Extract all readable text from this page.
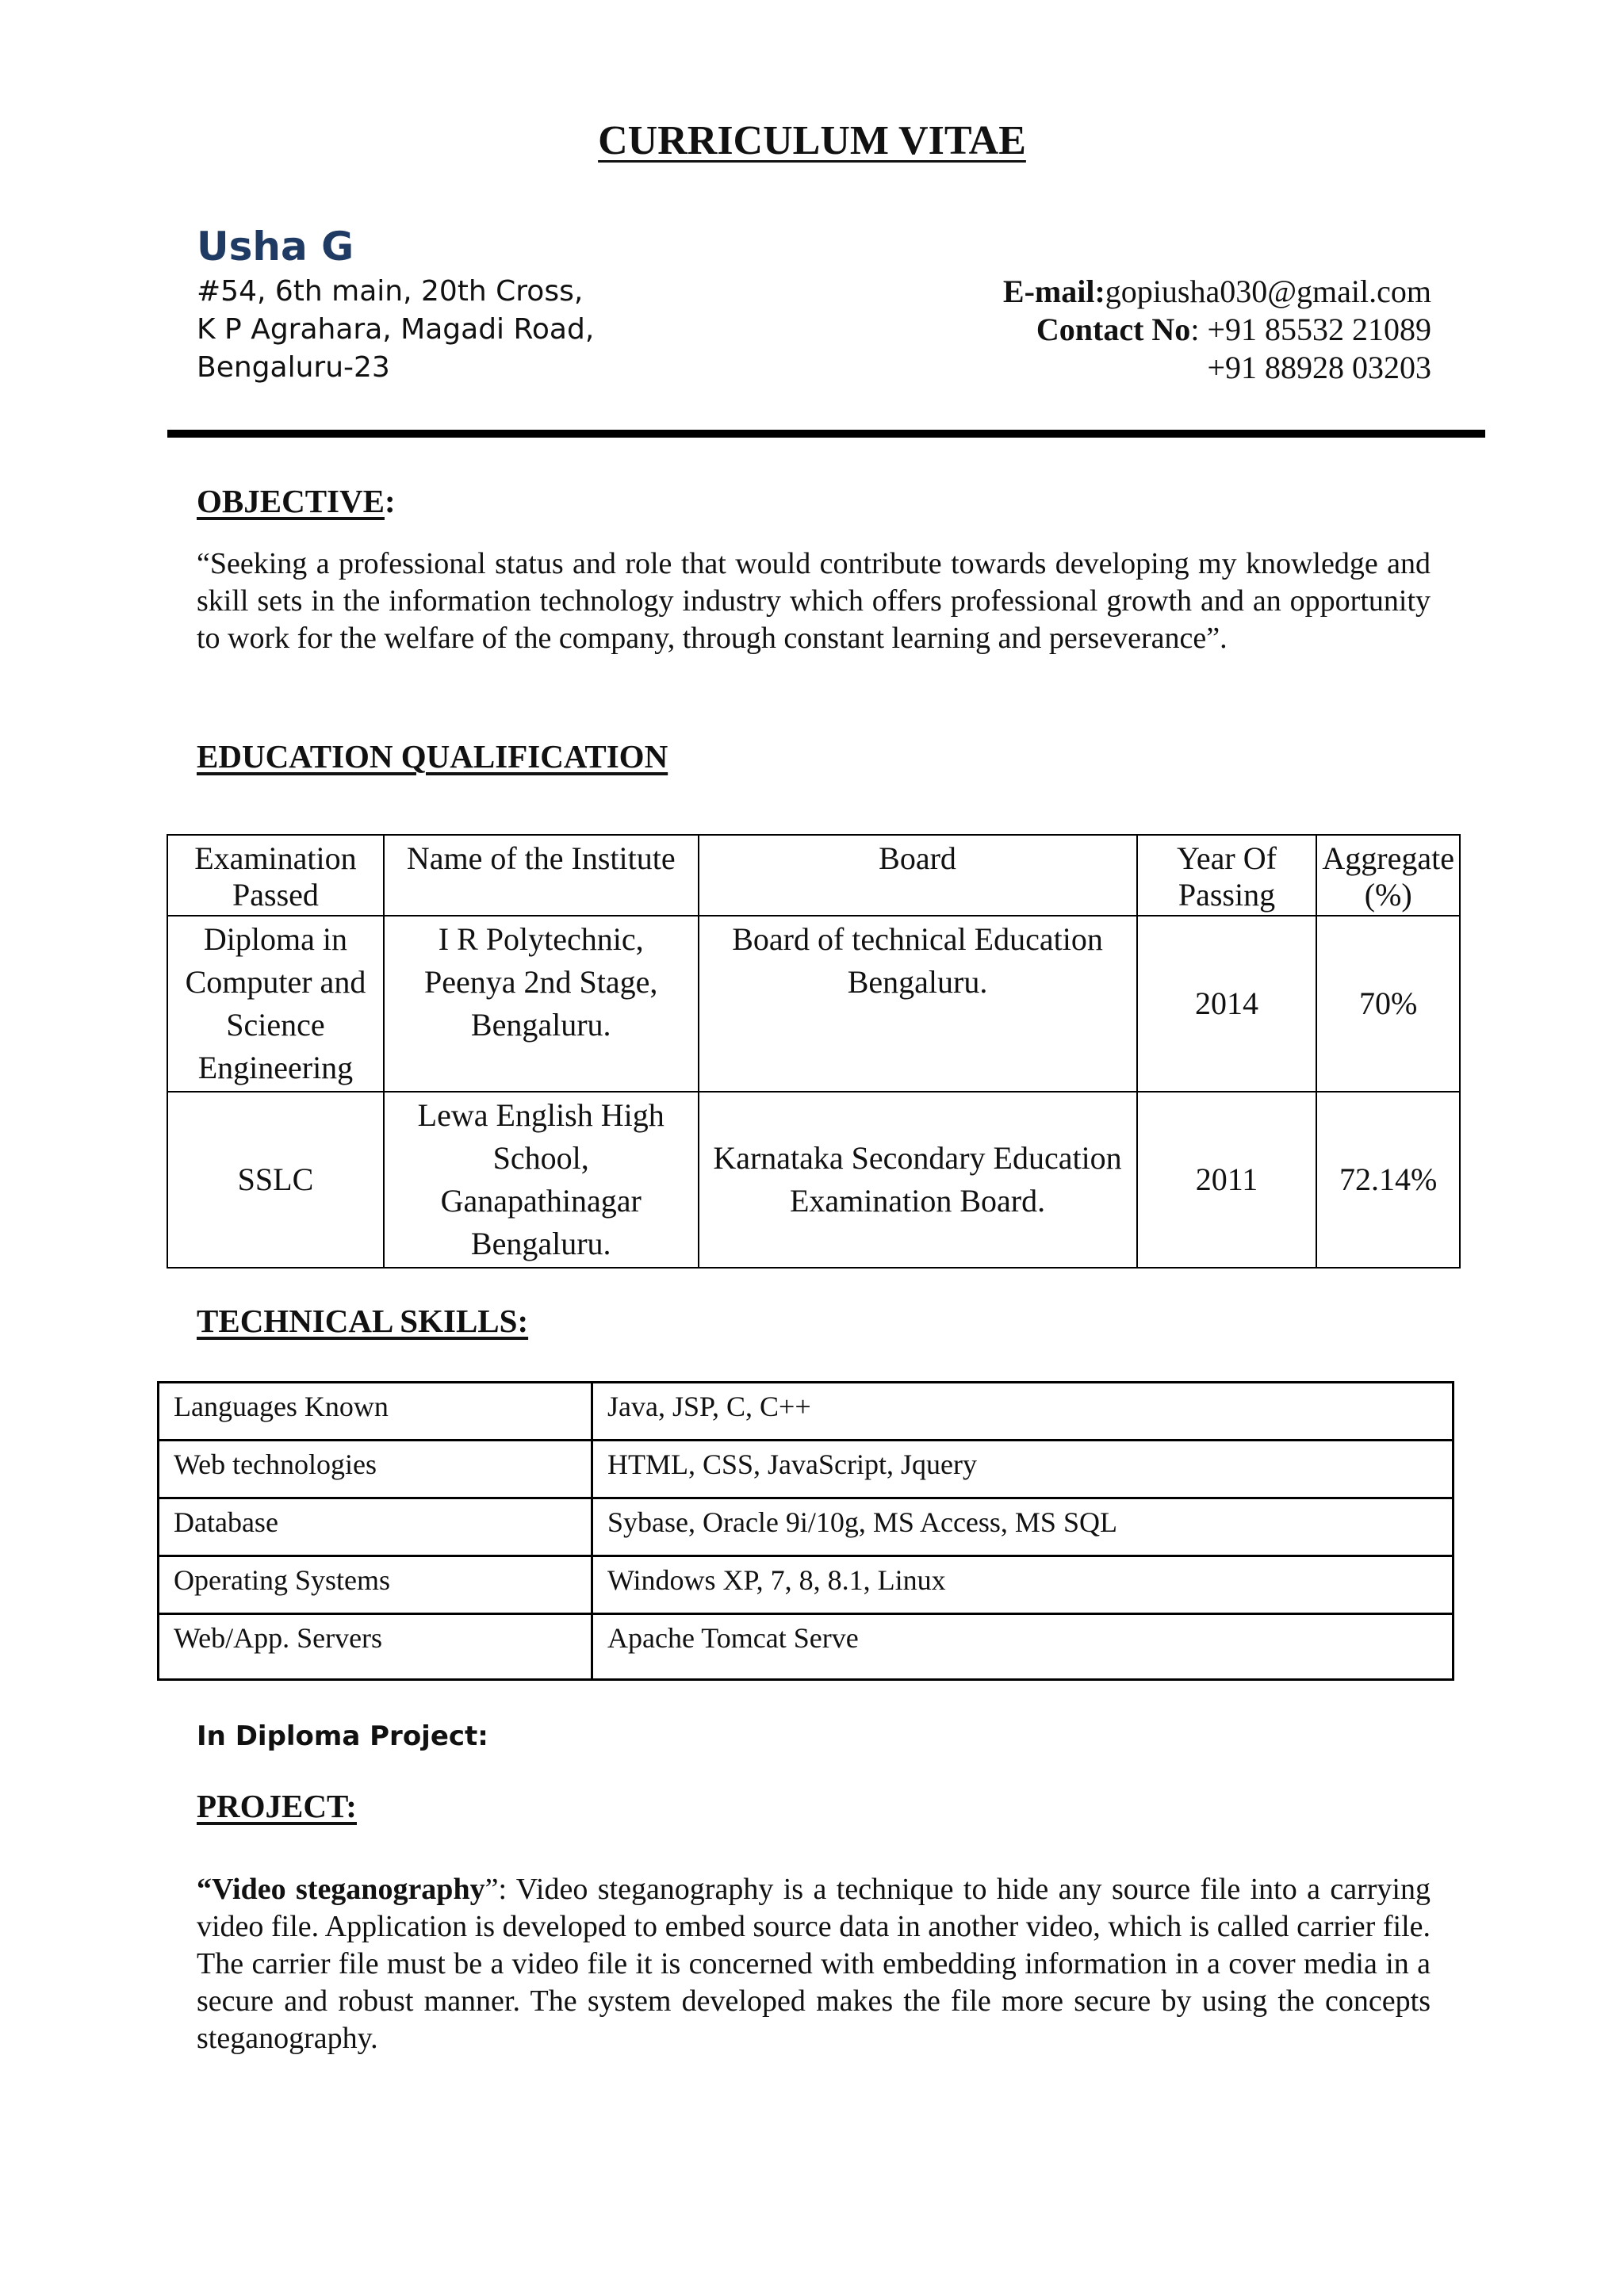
CURRICULUM VITAE
Usha G
#54, 6th main, 20th Cross,
K P Agrahara, Magadi Road,
Bengaluru-23
E-mail:gopiusha030@gmail.com
Contact No: +91 85532 21089
+91 88928 03203
OBJECTIVE:
“Seeking a professional status and role that would contribute towards developing my knowledge and skill sets in the information technology industry which offers professional growth and an opportunity to work for the welfare of the company, through constant learning and perseverance”.
EDUCATION QUALIFICATION
Examination Passed	Name of the Institute	Board	Year Of Passing	Aggregate (%)
Diploma in Computer and Science Engineering	I R Polytechnic, Peenya 2nd Stage, Bengaluru.	Board of technical Education Bengaluru.	2014	70%
SSLC	Lewa English High School, Ganapathinagar Bengaluru.	Karnataka Secondary Education Examination Board.	2011	72.14%
TECHNICAL SKILLS:
Languages Known	Java, JSP, C, C++
Web technologies	HTML, CSS, JavaScript, Jquery
Database	Sybase, Oracle 9i/10g, MS Access, MS SQL
Operating Systems	Windows XP, 7, 8, 8.1, Linux
Web/App. Servers	Apache Tomcat Serve
In Diploma Project:
PROJECT:
“Video steganography”: Video steganography is a technique to hide any source file into a carrying video file. Application is developed to embed source data in another video, which is called carrier file. The carrier file must be a video file it is concerned with embedding information in a cover media in a secure and robust manner. The system developed makes the file more secure by using the concepts steganography.
